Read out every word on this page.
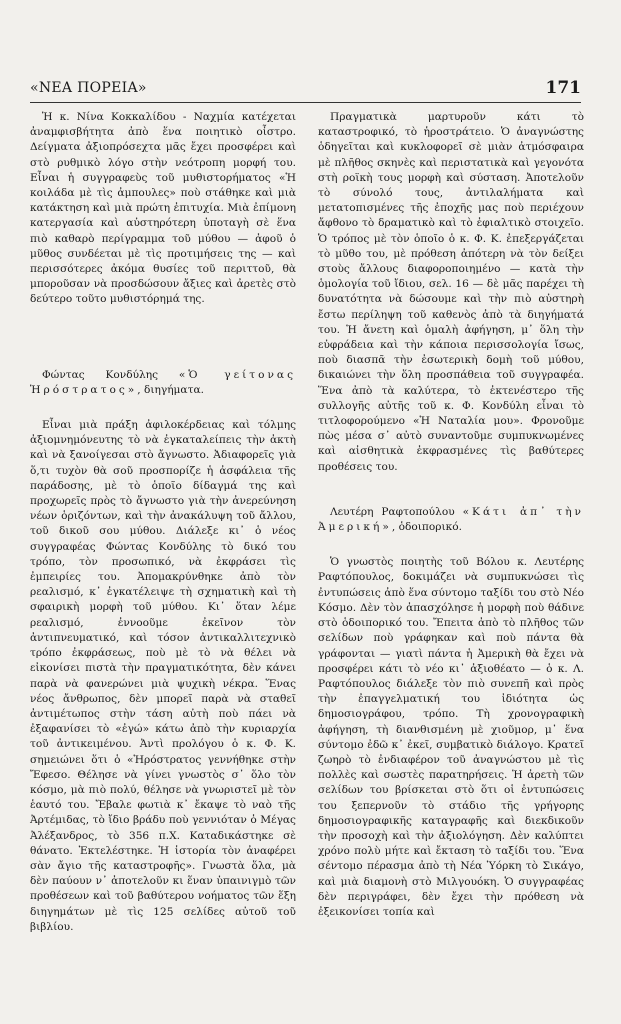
«ΝΕΑ ΠΟΡΕΙΑ»	171

Ἡ κ. Νίνα Κοκκαλίδου - Ναχμία κατέχεται ἀναμφισβήτητα ἀπὸ ἕνα ποιητικὸ οἶστρο. Δείγματα ἀξιοπρόσεχτα μᾶς ἔχει προσφέρει καὶ στὸ ρυθμικὸ λόγο στὴν νεότροπη μορφή του. Εἶναι ἡ συγγραφεὺς τοῦ μυθιστορήματος «Ἡ κοιλάδα μὲ τὶς ἀμπουλες» ποὺ στάθηκε καὶ μιὰ κατάκτηση καὶ μιὰ πρώτη ἐπιτυχία. Μιὰ ἐπίμονη κατεργασία καὶ αὐστηρότερη ὑποταγὴ σὲ ἕνα πιὸ καθαρὸ περίγραμμα τοῦ μύθου — ἀφοῦ ὁ μῦθος συνδέεται μὲ τὶς προτιμήσεις της — καὶ περισσότερες ἀκόμα θυσίες τοῦ περιττοῦ, θὰ μποροῦσαν νὰ προσδώσουν ἄξιες καὶ ἀρετὲς στὸ δεύτερο τοῦτο μυθιστόρημά της.

Φώντας Κονδύλης «Ὁ γείτονας Ἡρόστρατος», διηγήματα.

Εἶναι μιὰ πράξη ἀφιλοκέρδειας καὶ τόλμης ἀξιομνημόνευτης τὸ νὰ ἐγκαταλείπεις τὴν ἀκτὴ καὶ νὰ ξανοίγεσαι στὸ ἄγνωστο. Ἀδιαφορεῖς γιὰ ὅ,τι τυχὸν θὰ σοῦ προσπορίζε ἡ ἀσφάλεια τῆς παράδοσης, μὲ τὸ ὁποῖο δίδαγμά της καὶ προχωρεῖς πρὸς τὸ ἄγνωστο γιὰ τὴν ἀνερεύνηση νέων ὁριζόντων, καὶ τὴν ἀνακάλυψη τοῦ ἄλλου, τοῦ δικοῦ σου μύθου. Διάλεξε κι᾽ ὁ νέος συγγραφέας Φώντας Κονδύλης τὸ δικό του τρόπο, τὸν προσωπικό, νὰ ἐκφράσει τὶς ἐμπειρίες του. Ἀπομακρύνθηκε ἀπὸ τὸν ρεαλισμό, κ᾽ ἐγκατέλειψε τὴ σχηματικὴ καὶ τὴ σφαιρικὴ μορφὴ τοῦ μύθου. Κι᾽ ὅταν λέμε ρεαλισμό, ἐννοοῦμε ἐκεῖνον τὸν ἀντιπνευματικό, καὶ τόσον ἀντικαλλιτεχνικὸ τρόπο ἐκφράσεως, ποὺ μὲ τὸ νὰ θέλει νὰ εἰκονίσει πιστὰ τὴν πραγματικότητα, δὲν κάνει παρὰ νὰ φανερώνει μιὰ ψυχικὴ νέκρα. Ἕνας νέος ἄνθρωπος, δὲν μπορεῖ παρὰ νὰ σταθεῖ ἀντιμέτωπος στὴν τάση αὐτὴ ποὺ πάει νὰ ἐξαφανίσει τὸ «ἐγώ» κάτω ἀπὸ τὴν κυριαρχία τοῦ ἀντικειμένου. Ἀντὶ προλόγου ὁ κ. Φ. Κ. σημειώνει ὅτι ὁ «Ἡρόστρατος γεννήθηκε στὴν Ἔφεσο. Θέλησε νὰ γίνει γνωστὸς σ᾽ ὅλο τὸν κόσμο, μὰ πιὸ πολύ, θέλησε νὰ γνωριστεῖ μὲ τὸν ἑαυτό του. Ἔβαλε φωτιὰ κ᾽ ἔκαψε τὸ ναὸ τῆς Ἀρτέμιδας, τὸ ἴδιο βράδυ ποὺ γεννιόταν ὁ Μέγας Ἀλέξανδρος, τὸ 356 π.Χ. Καταδικάστηκε σὲ θάνατο. Ἐκτελέστηκε. Ἡ ἱστορία τὸν ἀναφέρει σὰν ἄγιο τῆς καταστροφῆς». Γνωστὰ ὅλα, μὰ δὲν παύουν ν᾽ ἀποτελοῦν κι ἕναν ὑπαινιγμὸ τῶν προθέσεων καὶ τοῦ βαθύτερου νοήματος τῶν ἕξη διηγημάτων μὲ τὶς 125 σελίδες αὐτοῦ τοῦ βιβλίου.

Πραγματικὰ μαρτυροῦν κάτι τὸ καταστροφικό, τὸ ἡροστράτειο. Ὁ ἀναγνώστης ὁδηγεῖται καὶ κυκλοφορεῖ σὲ μιὰν ἀτμόσφαιρα μὲ πλῆθος σκηνὲς καὶ περιστατικὰ καὶ γεγονότα στὴ ροϊκὴ τους μορφὴ καὶ σύσταση. Ἀποτελοῦν τὸ σύνολό τους, ἀντιλαλήματα καὶ μετατοπισμένες τῆς ἐποχῆς μας ποὺ περιέχουν ἄφθονο τὸ δραματικὸ καὶ τὸ ἐφιαλτικὸ στοιχεῖο. Ὁ τρόπος μὲ τὸν ὁποῖο ὁ κ. Φ. Κ. ἐπεξεργάζεται τὸ μῦθο του, μὲ πρόθεση ἀπότερη νὰ τὸν δείξει στοὺς ἄλλους διαφοροποιημένο — κατὰ τὴν ὁμολογία τοῦ ἴδιου, σελ. 16 — δὲ μᾶς παρέχει τὴ δυνατότητα νὰ δώσουμε καὶ τὴν πιὸ αὐστηρὴ ἔστω περίληψη τοῦ καθενὸς ἀπὸ τὰ διηγήματά του. Ἡ ἄνετη καὶ ὁμαλὴ ἀφήγηση, μ᾽ ὅλη τὴν εὐφράδεια καὶ τὴν κάποια περισσολογία ἴσως, ποὺ διασπᾶ τὴν ἐσωτερικὴ δομὴ τοῦ μύθου, δικαιώνει τὴν ὅλη προσπάθεια τοῦ συγγραφέα. Ἕνα ἀπὸ τὰ καλύτερα, τὸ ἐκτενέστερο τῆς συλλογῆς αὐτῆς τοῦ κ. Φ. Κονδύλη εἶναι τὸ τιτλοφορούμενο «Ἡ Ναταλία μου». Φρονοῦμε πὼς μέσα σ᾽ αὐτὸ συναντοῦμε συμπυκνωμένες καὶ αἰσθητικὰ ἐκφρασμένες τὶς βαθύτερες προθέσεις του.

Λευτέρη Ραφτοπούλου «Κάτι ἀπ᾽ τὴν Ἀμερική», ὁδοιπορικό.

Ὁ γνωστὸς ποιητὴς τοῦ Βόλου κ. Λευτέρης Ραφτόπουλος, δοκιμάζει νὰ συμπυκνώσει τὶς ἐντυπώσεις ἀπὸ ἕνα σύντομο ταξίδι του στὸ Νέο Κόσμο. Δὲν τὸν ἀπασχόλησε ἡ μορφὴ ποὺ θάδινε στὸ ὁδοιπορικό του. Ἔπειτα ἀπὸ τὸ πλῆθος τῶν σελίδων ποὺ γράφηκαν καὶ ποὺ πάντα θὰ γράφονται — γιατὶ πάντα ἡ Ἀμερικὴ θὰ ἔχει νὰ προσφέρει κάτι τὸ νέο κι᾽ ἀξιοθέατο — ὁ κ. Λ. Ραφτόπουλος διάλεξε τὸν πιὸ συνεπῆ καὶ πρὸς τὴν ἐπαγγελματική του ἰδιότητα ὡς δημοσιογράφου, τρόπο. Τὴ χρονογραφικὴ ἀφήγηση, τὴ διανθισμένη μὲ χιοῦμορ, μ᾽ ἕνα σύντομο ἐδῶ κ᾽ ἐκεῖ, συμβατικὸ διάλογο. Κρατεῖ ζωηρὸ τὸ ἐνδιαφέρον τοῦ ἀναγνώστου μὲ τὶς πολλὲς καὶ σωστὲς παρατηρήσεις. Ἡ ἀρετὴ τῶν σελίδων του βρίσκεται στὸ ὅτι οἱ ἐντυπώσεις του ξεπερνοῦν τὸ στάδιο τῆς γρήγορης δημοσιογραφικῆς καταγραφῆς καὶ διεκδικοῦν τὴν προσοχὴ καὶ τὴν ἀξιολόγηση. Δὲν καλύπτει χρόνο πολὺ μήτε καὶ ἔκταση τὸ ταξίδι του. Ἕνα σέντομο πέρασμα ἀπὸ τὴ Νέα Ὑόρκη τὸ Σικάγο, καὶ μιὰ διαμονὴ στὸ Μιλγουόκη. Ὁ συγγραφέας δὲν περιγράφει, δὲν ἔχει τὴν πρόθεση νὰ ἐξεικονίσει τοπία καὶ
